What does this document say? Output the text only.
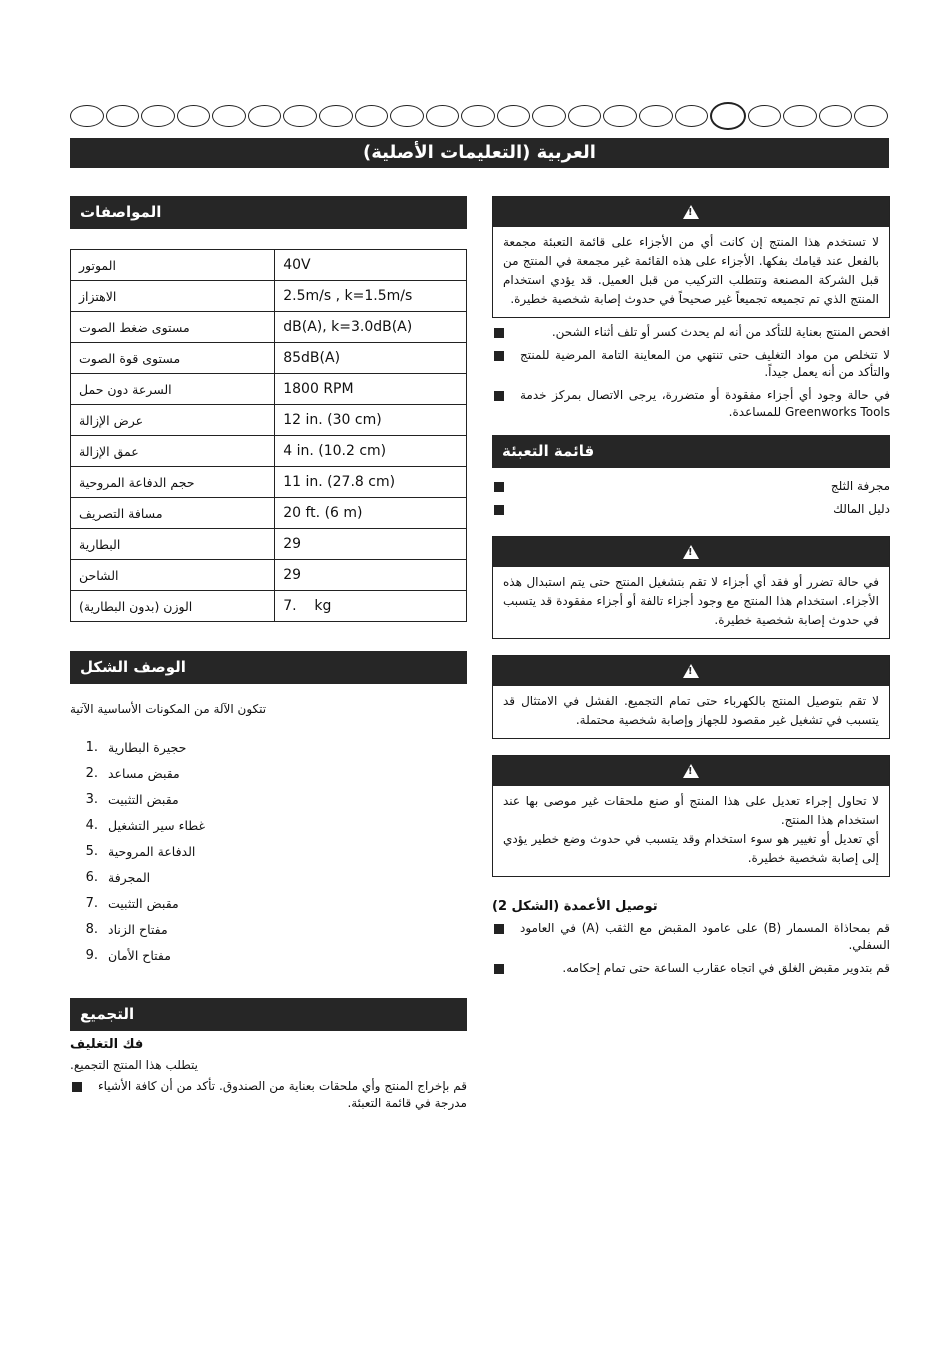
العربية (التعليمات الأصلية)
المواصفات
الموتور	40V
الاهتزاز	2.5m/s , k=1.5m/s
مستوى ضغط الصوت	dB(A), k=3.0dB(A)
مستوى قوة الصوت	85dB(A)
السرعة دون حمل	1800 RPM
عرض الإزالة	12 in. (30 cm)
عمق الإزالة	4 in. (10.2 cm)
حجم الدفاعة المروحية	11 in. (27.8 cm)
مسافة التصريف	20 ft. (6 m)
البطارية	29
الشاحن	29
الوزن (بدون البطارية)	7.    kg
الوصف الشكل

تتكون الآلة من المكونات الأساسية الآتية

1. حجيرة البطارية
2. مقبض مساعد
3. مقبض التثبيت
4. غطاء سير التشغيل
5. الدفاعة المروحية
6. المجرفة
7. مقبض التثبيت
8. مفتاح الزناد
9. مفتاح الأمان
التجميع
فك التغليف

يتطلب هذا المنتج التجميع.

قم بإخراج المنتج وأي ملحقات بعناية من الصندوق. تأكد من أن كافة الأشياء مدرجة في قائمة التعبئة.
!
لا تستخدم هذا المنتج إن كانت أي من الأجزاء على قائمة التعبئة مجمعة بالفعل عند قيامك بفكها. الأجزاء على هذه القائمة غير مجمعة في المنتج من قبل الشركة المصنعة وتتطلب التركيب من قبل العميل. قد يؤدي استخدام المنتج الذي تم تجميعه تجميعاً غير صحيحاً في حدوث إصابة شخصية خطيرة.
افحص المنتج بعناية للتأكد من أنه لم يحدث كسر أو تلف أثناء الشحن.
لا تتخلص من مواد التغليف حتى تنتهي من المعاينة التامة المرضية للمنتج والتأكد من أنه يعمل جيداً.
في حالة وجود أي أجزاء مفقودة أو متضررة، يرجى الاتصال بمركز خدمة Greenworks Tools للمساعدة.
قائمة التعبئة
مجرفة الثلج
دليل المالك
!
في حالة تضرر أو فقد أي أجزاء لا تقم بتشغيل المنتج حتى يتم استبدال هذه الأجزاء. استخدام هذا المنتج مع وجود أجزاء تالفة أو أجزاء مفقودة قد يتسبب في حدوث إصابة شخصية خطيرة.
!
لا تقم بتوصيل المنتج بالكهرباء حتى تمام التجميع. الفشل في الامتثال قد يتسبب في تشغيل غير مقصود للجهاز وإصابة شخصية محتملة.
!
لا تحاول إجراء تعديل على هذا المنتج أو صنع ملحقات غير موصى بها عند استخدام هذا المنتج.
أي تعديل أو تغيير هو سوء استخدام وقد يتسبب في حدوث وضع خطير يؤدي إلى إصابة شخصية خطيرة.
توصيل الأعمدة (الشكل 2)
قم بمحاذاة المسمار (B) على عامود المقبض مع الثقب (A) في العامود السفلي.
قم بتدوير مقبض الغلق في اتجاه عقارب الساعة حتى تمام إحكامه.
